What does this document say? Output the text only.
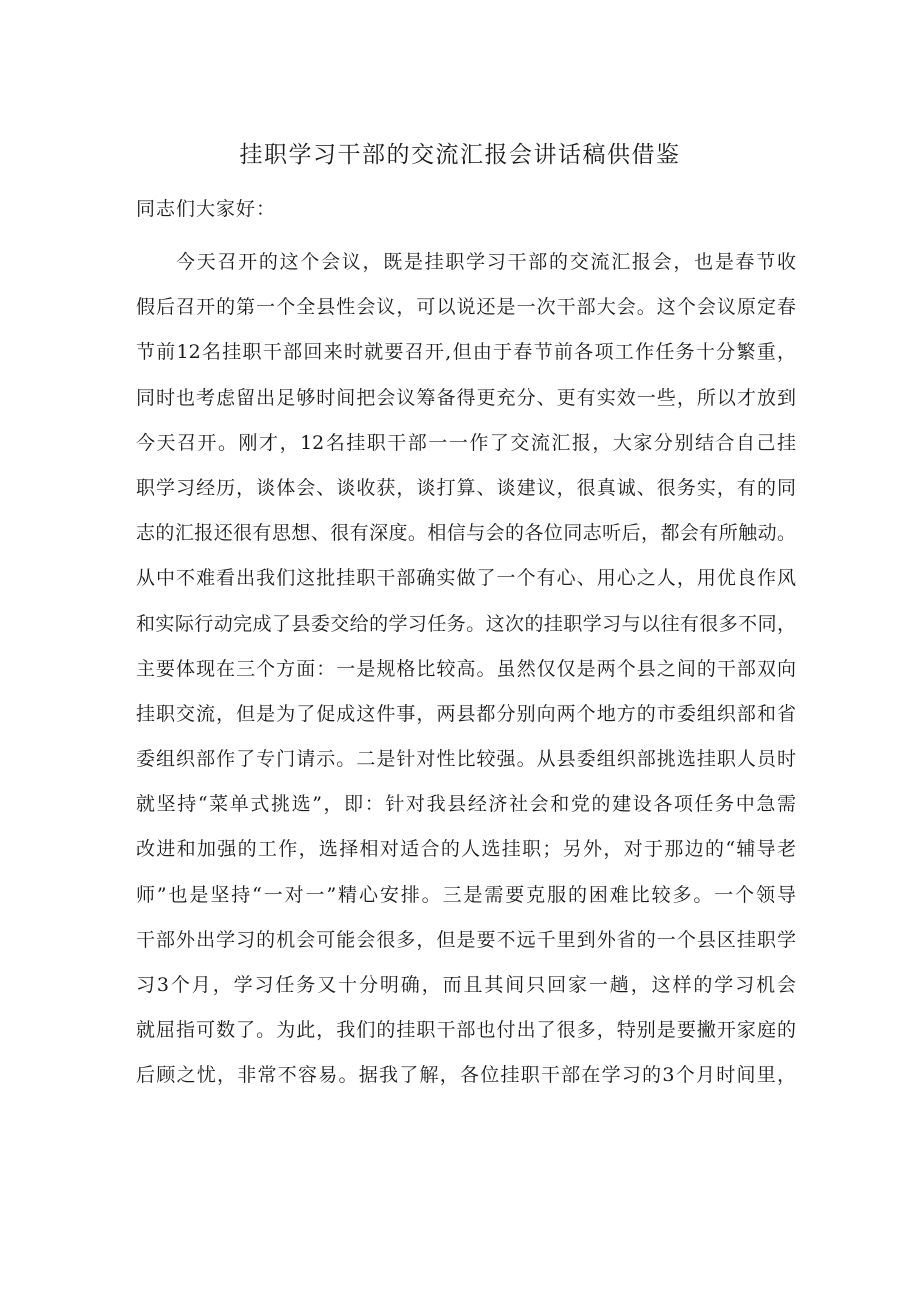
挂职学习干部的交流汇报会讲话稿供借鉴
同志们大家好：
今天召开的这个会议，既是挂职学习干部的交流汇报会，也是春节收
假后召开的第一个全县性会议，可以说还是一次干部大会。这个会议原定春
节前12名挂职干部回来时就要召开,但由于春节前各项工作任务十分繁重，
同时也考虑留出足够时间把会议筹备得更充分、更有实效一些，所以才放到
今天召开。刚才，12名挂职干部一一作了交流汇报，大家分别结合自己挂
职学习经历，谈体会、谈收获，谈打算、谈建议，很真诚、很务实，有的同
志的汇报还很有思想、很有深度。相信与会的各位同志听后，都会有所触动。
从中不难看出我们这批挂职干部确实做了一个有心、用心之人，用优良作风
和实际行动完成了县委交给的学习任务。这次的挂职学习与以往有很多不同，
主要体现在三个方面：一是规格比较高。虽然仅仅是两个县之间的干部双向
挂职交流，但是为了促成这件事，两县都分别向两个地方的市委组织部和省
委组织部作了专门请示。二是针对性比较强。从县委组织部挑选挂职人员时
就坚持“菜单式挑选”，即：针对我县经济社会和党的建设各项任务中急需
改进和加强的工作，选择相对适合的人选挂职；另外，对于那边的“辅导老
师”也是坚持“一对一”精心安排。三是需要克服的困难比较多。一个领导
干部外出学习的机会可能会很多，但是要不远千里到外省的一个县区挂职学
习3个月，学习任务又十分明确，而且其间只回家一趟，这样的学习机会
就屈指可数了。为此，我们的挂职干部也付出了很多，特别是要撇开家庭的
后顾之忧，非常不容易。据我了解，各位挂职干部在学习的3个月时间里，
